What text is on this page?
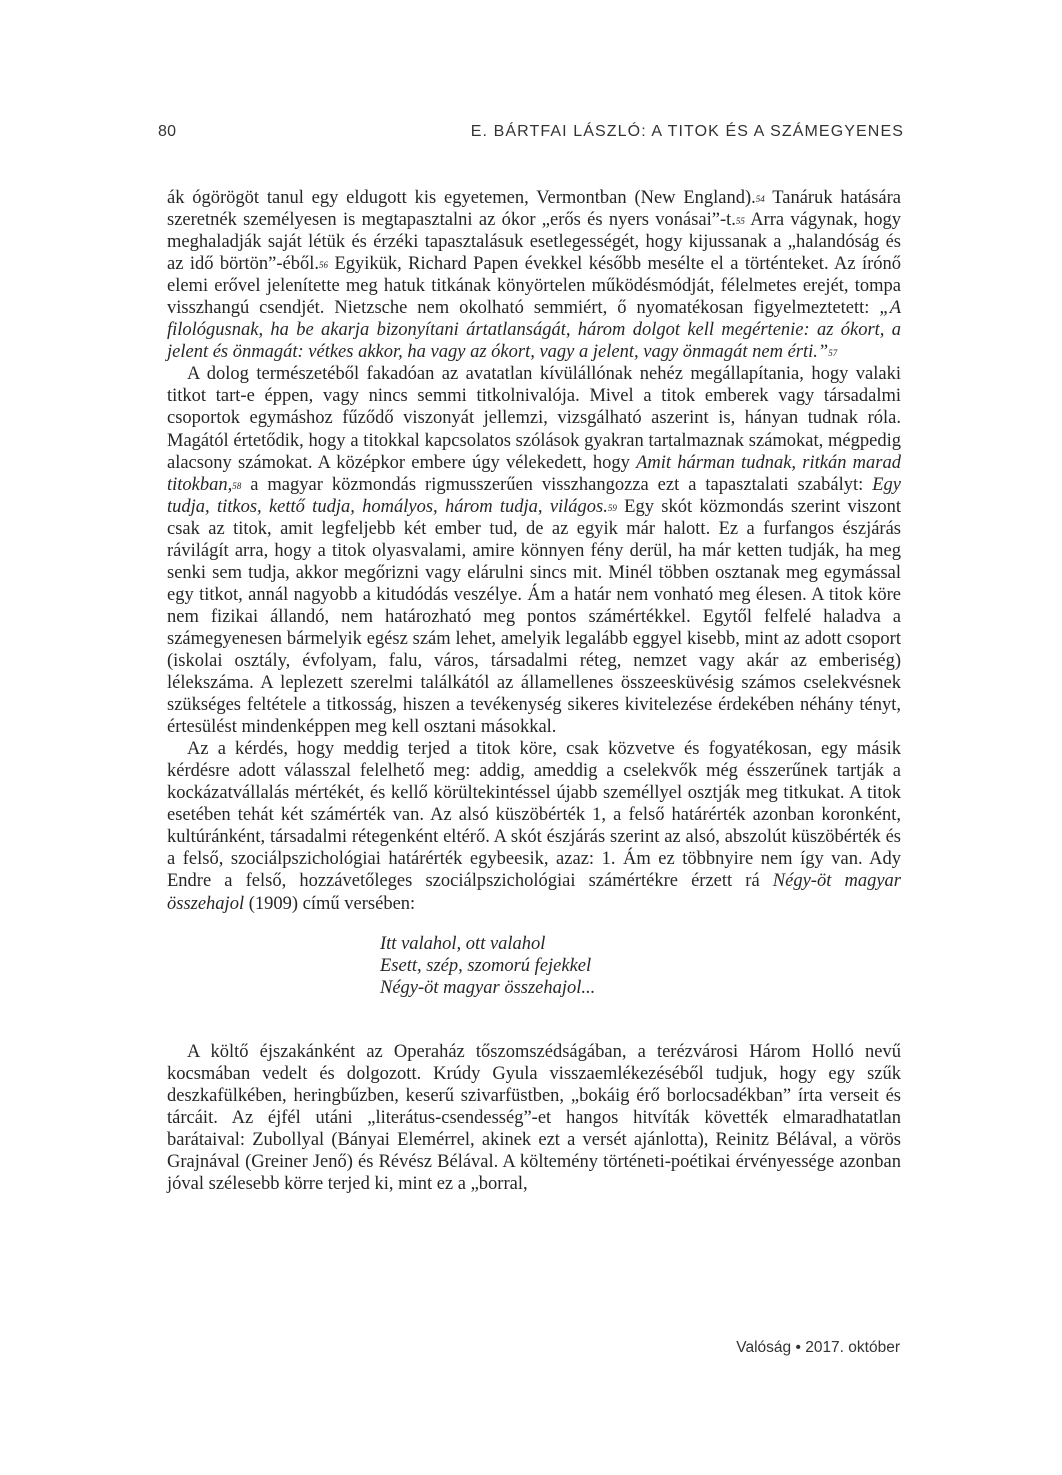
80	E. BÁRTFAI LÁSZLÓ: A TITOK ÉS A SZÁMEGYENES

ák ógörögöt tanul egy eldugott kis egyetemen, Vermontban (New England).$^{54}$ Tanáruk hatására szeretnék személyesen is megtapasztalni az ókor „erős és nyers vonásai”-t.$^{55}$ Arra vágynak, hogy meghaladják saját létük és érzéki tapasztalásuk esetlegességét, hogy kijussanak a „halandóság és az idő börtön”-éből.$^{56}$ Egyikük, Richard Papen évekkel később mesélte el a történteket. Az írónő elemi erővel jelenítette meg hatuk titkának könyörtelen működésmódját, félelmetes erejét, tompa visszhangú csendjét. Nietzsche nem okolható semmiért, ő nyomatékosan figyelmeztetett: „A filológusnak, ha be akarja bizonyítani ártatlanságát, három dolgot kell megértenie: az ókort, a jelent és önmagát: vétkes akkor, ha vagy az ókort, vagy a jelent, vagy önmagát nem érti.”$^{57}$

A dolog természetéből fakadóan az avatatlan kívülállónak nehéz megállapítania, hogy valaki titkot tart-e éppen, vagy nincs semmi titkolnivalója. Mivel a titok emberek vagy társadalmi csoportok egymáshoz fűződő viszonyát jellemzi, vizsgálható aszerint is, hányan tudnak róla. Magától értetődik, hogy a titokkal kapcsolatos szólások gyakran tartalmaznak számokat, mégpedig alacsony számokat. A középkor embere úgy vélekedett, hogy Amit hárman tudnak, ritkán marad titokban,$^{58}$ a magyar közmondás rigmusszerűen visszhangozza ezt a tapasztalati szabályt: Egy tudja, titkos, kettő tudja, homályos, három tudja, világos.$^{59}$ Egy skót közmondás szerint viszont csak az titok, amit legfeljebb két ember tud, de az egyik már halott. Ez a furfangos észjárás rávilágít arra, hogy a titok olyasvalami, amire könnyen fény derül, ha már ketten tudják, ha meg senki sem tudja, akkor megőrizni vagy elárulni sincs mit. Minél többen osztanak meg egymással egy titkot, annál nagyobb a kitudódás veszélye. Ám a határ nem vonható meg élesen. A titok köre nem fizikai állandó, nem határozható meg pontos számértékkel. Egytől felfelé haladva a számegyenesen bármelyik egész szám lehet, amelyik legalább eggyel kisebb, mint az adott csoport (iskolai osztály, évfolyam, falu, város, társadalmi réteg, nemzet vagy akár az emberiség) lélekszáma. A leplezett szerelmi találkától az államellenes összeesküvésig számos cselekvésnek szükséges feltétele a titkosság, hiszen a tevékenység sikeres kivitelezése érdekében néhány tényt, értesülést mindenképpen meg kell osztani másokkal.

Az a kérdés, hogy meddig terjed a titok köre, csak közvetve és fogyatékosan, egy másik kérdésre adott válasszal felelhető meg: addig, ameddig a cselekvők még ésszerűnek tartják a kockázatvállalás mértékét, és kellő körültekintéssel újabb személlyel osztják meg titkukat. A titok esetében tehát két számérték van. Az alsó küszöbérték 1, a felső határérték azonban koronként, kultúránként, társadalmi rétegenként eltérő. A skót észjárás szerint az alsó, abszolút küszöbérték és a felső, szociálpszichológiai határérték egybeesik, azaz: 1. Ám ez többnyire nem így van. Ady Endre a felső, hozzávetőleges szociálpszichológiai számértékre érzett rá Négy-öt magyar összehajol (1909) című versében:

Itt valahol, ott valahol
Esett, szép, szomorú fejekkel
Négy-öt magyar összehajol...

A költő éjszakánként az Operaház tőszomszédságában, a terézvárosi Három Holló nevű kocsmában vedelt és dolgozott. Krúdy Gyula visszaemlékezéséből tudjuk, hogy egy szűk deszkafülkében, heringbűzben, keserű szivarfüstben, „bokáig érő borlocsadékban” írta verseit és tárcáit. Az éjfél utáni „literátus-csendesség”-et hangos hitvíták követték elmaradhatatlan barátaival: Zubollyal (Bányai Elemérrel, akinek ezt a versét ajánlotta), Reinitz Bélával, a vörös Grajnával (Greiner Jenő) és Révész Bélával. A költemény történeti-poétikai érvényessége azonban jóval szélesebb körre terjed ki, mint ez a „borral,

Valóság • 2017. október
